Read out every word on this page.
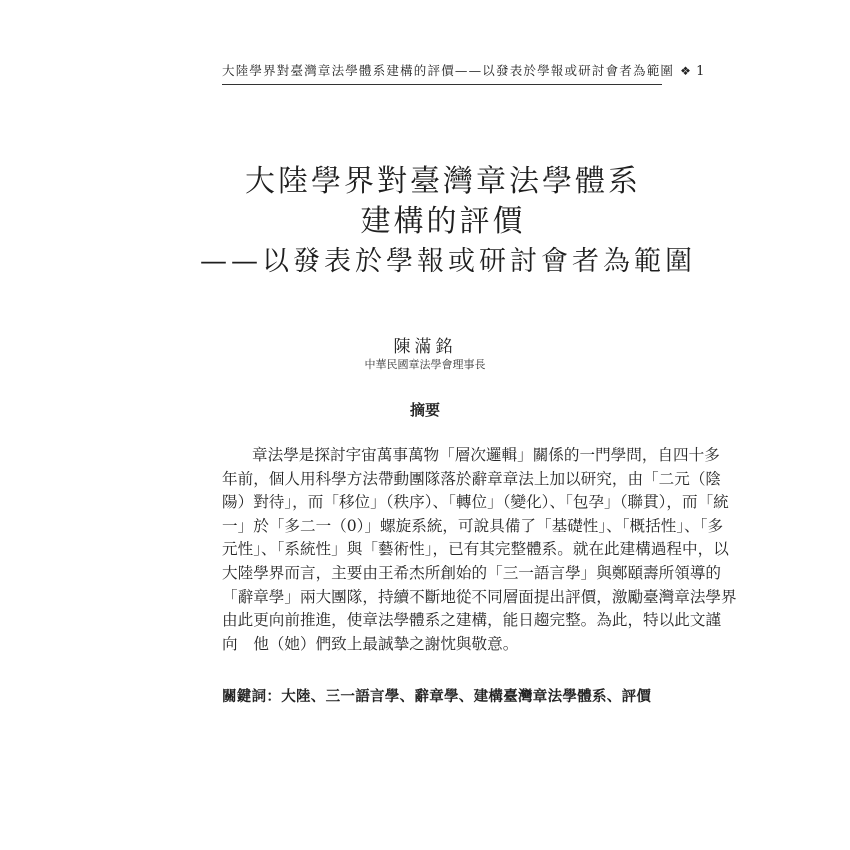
大陸學界對臺灣章法學體系建構的評價——以發表於學報或研討會者為範圍 ❖ 1
大陸學界對臺灣章法學體系
建構的評價
——以發表於學報或研討會者為範圍
陳滿銘
中華民國章法學會理事長
摘要
章法學是探討宇宙萬事萬物「層次邏輯」關係的一門學問，自四十多
年前，個人用科學方法帶動團隊落於辭章章法上加以研究，由「二元（陰
陽）對待」，而「移位」（秩序）、「轉位」（變化）、「包孕」（聯貫），而「統
一」於「多二一（0）」螺旋系統，可說具備了「基礎性」、「概括性」、「多
元性」、「系統性」與「藝術性」，已有其完整體系。就在此建構過程中，以
大陸學界而言，主要由王希杰所創始的「三一語言學」與鄭頤壽所領導的
「辭章學」兩大團隊，持續不斷地從不同層面提出評價，激勵臺灣章法學界
由此更向前推進，使章法學體系之建構，能日趨完整。為此，特以此文謹
向　他（她）們致上最誠摯之謝忱與敬意。
關鍵詞：大陸、三一語言學、辭章學、建構臺灣章法學體系、評價
